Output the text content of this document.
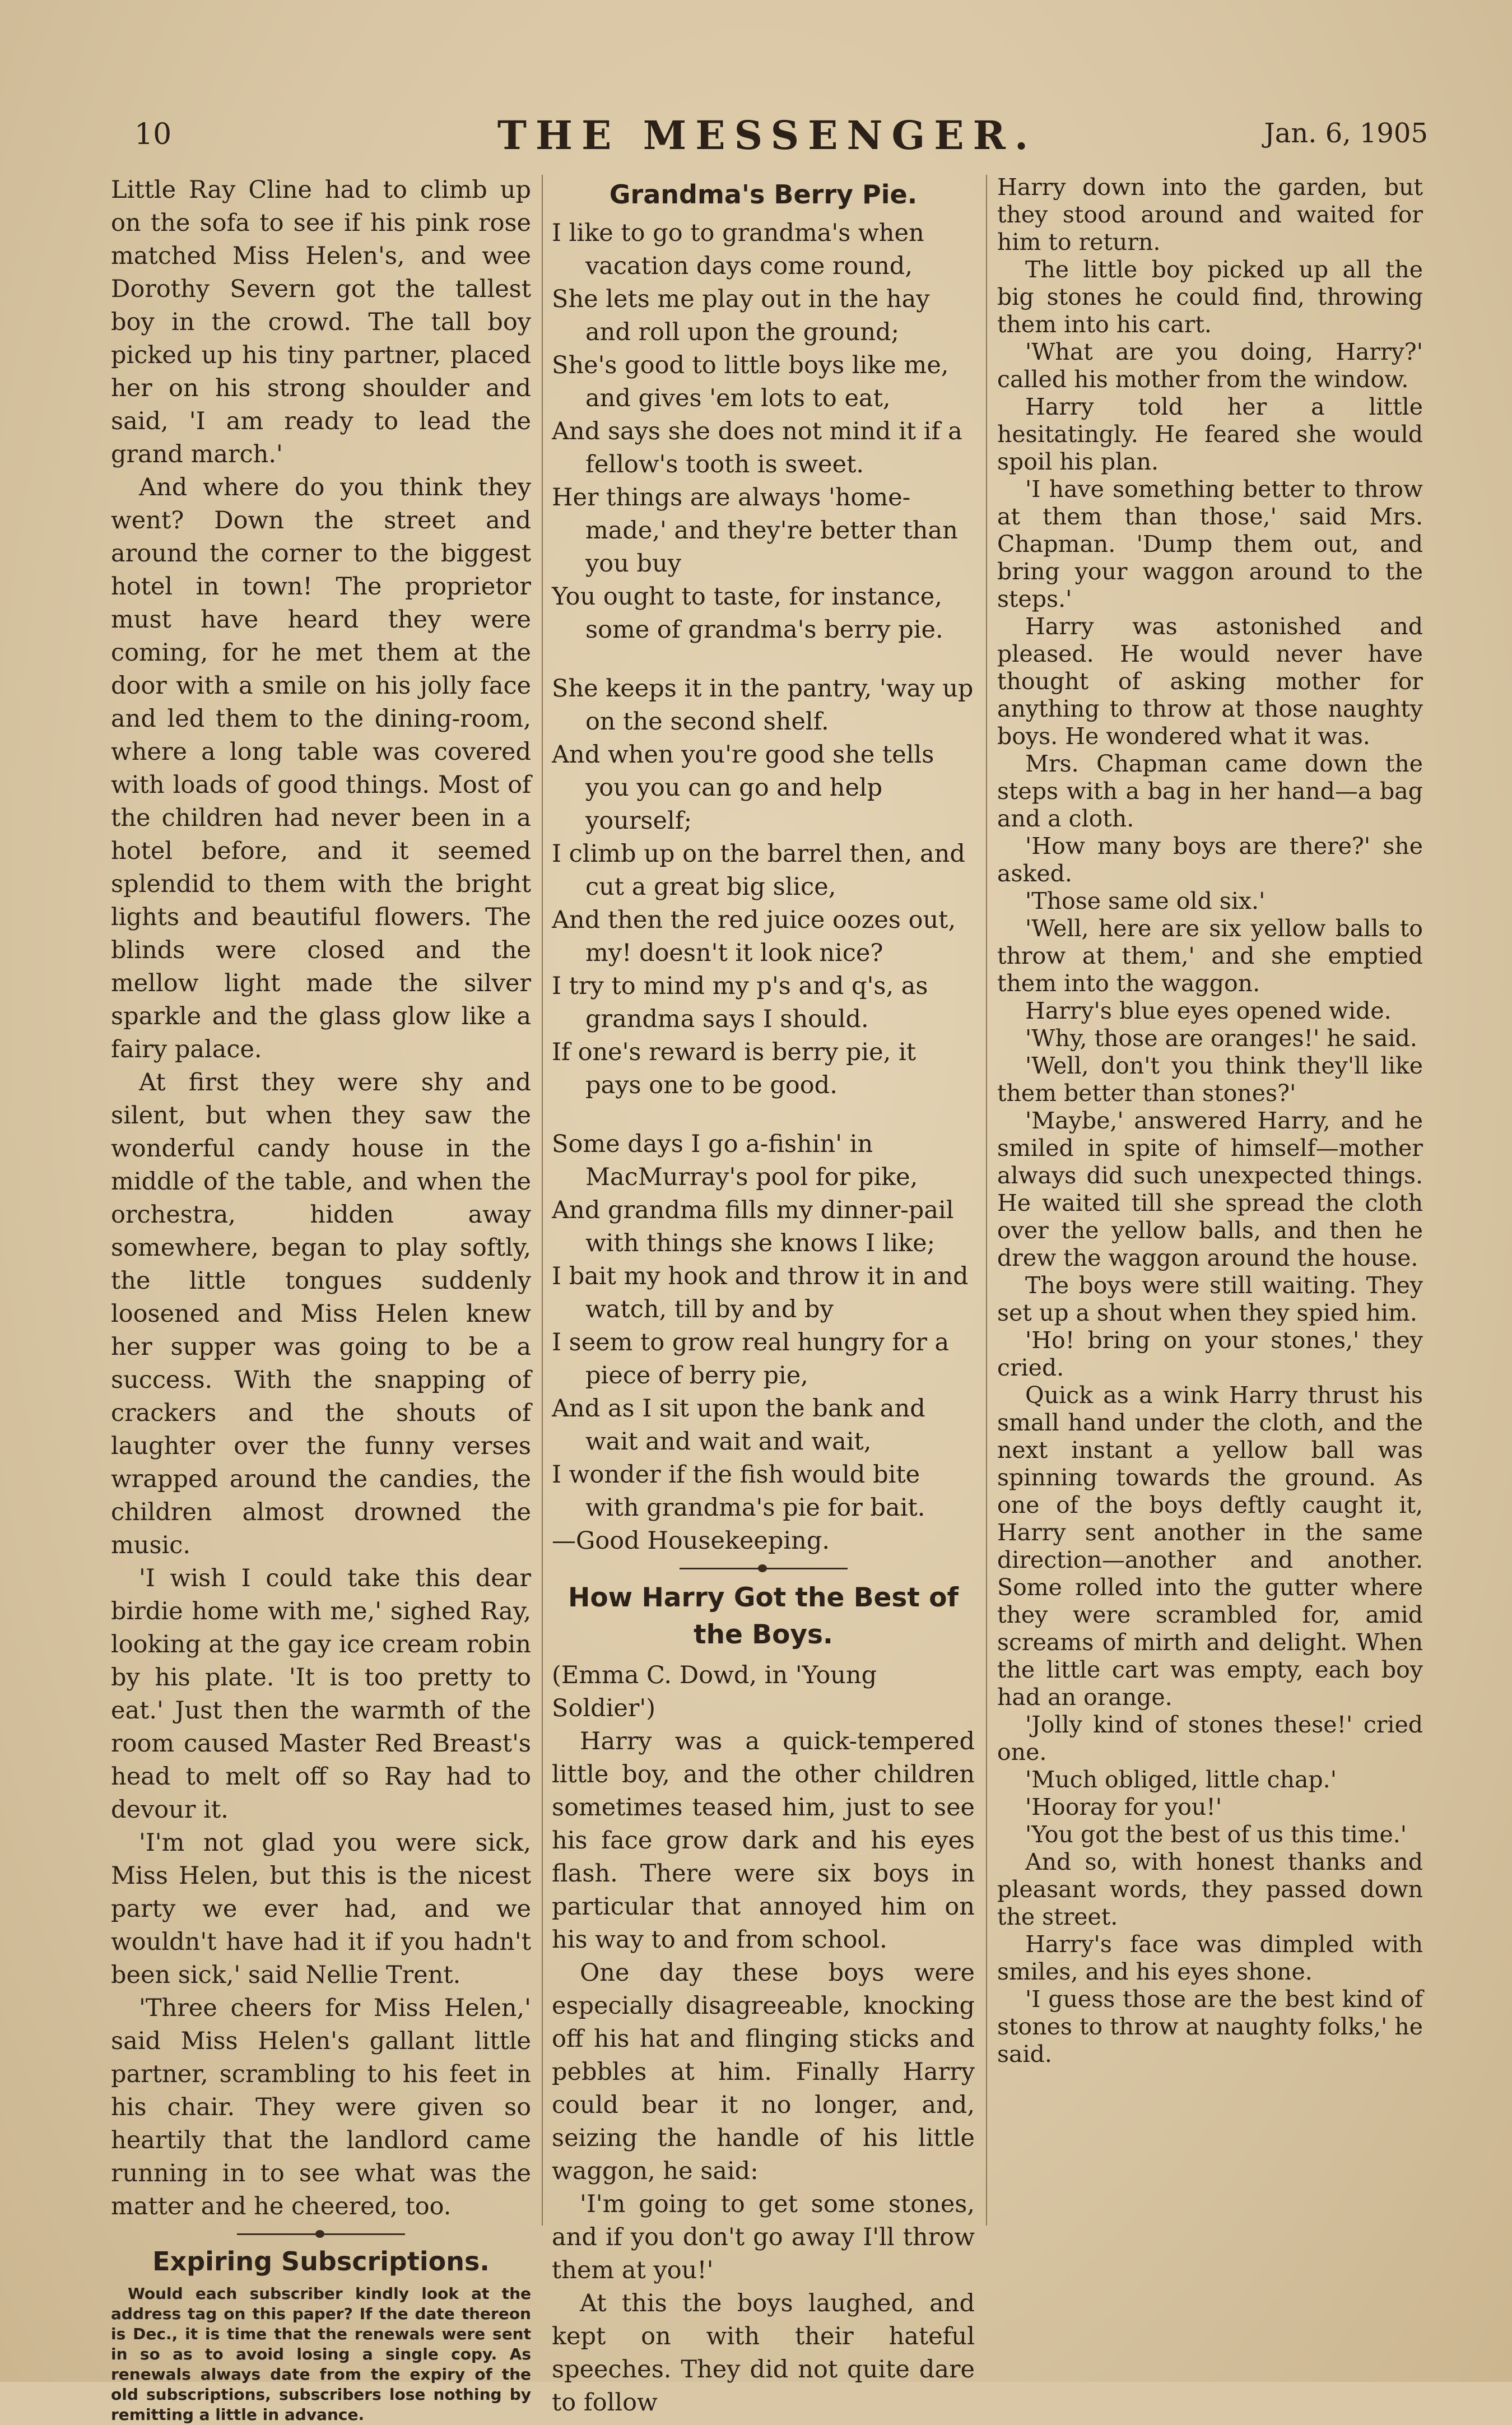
10	THE MESSENGER.	Jan. 6, 1905

Little Ray Cline had to climb up on the sofa to see if his pink rose matched Miss Helen's, and wee Dorothy Severn got the tallest boy in the crowd. The tall boy picked up his tiny partner, placed her on his strong shoulder and said, 'I am ready to lead the grand march.'

And where do you think they went? Down the street and around the corner to the biggest hotel in town! The proprietor must have heard they were coming, for he met them at the door with a smile on his jolly face and led them to the dining-room, where a long table was covered with loads of good things. Most of the children had never been in a hotel before, and it seemed splendid to them with the bright lights and beautiful flowers. The blinds were closed and the mellow light made the silver sparkle and the glass glow like a fairy palace.

At first they were shy and silent, but when they saw the wonderful candy house in the middle of the table, and when the orchestra, hidden away somewhere, began to play softly, the little tongues suddenly loosened and Miss Helen knew her supper was going to be a success. With the snapping of crackers and the shouts of laughter over the funny verses wrapped around the candies, the children almost drowned the music.

'I wish I could take this dear birdie home with me,' sighed Ray, looking at the gay ice cream robin by his plate. 'It is too pretty to eat.' Just then the warmth of the room caused Master Red Breast's head to melt off so Ray had to devour it.

'I'm not glad you were sick, Miss Helen, but this is the nicest party we ever had, and we wouldn't have had it if you hadn't been sick,' said Nellie Trent.

'Three cheers for Miss Helen,' said Miss Helen's gallant little partner, scrambling to his feet in his chair. They were given so heartily that the landlord came running in to see what was the matter and he cheered, too.

Expiring Subscriptions.
Would each subscriber kindly look at the address tag on this paper? If the date thereon is Dec., it is time that the renewals were sent in so as to avoid losing a single copy. As renewals always date from the expiry of the old subscriptions, subscribers lose nothing by remitting a little in advance.
Grandma's Berry Pie.
I like to go to grandma's when vacation days come round,
She lets me play out in the hay and roll upon the ground;
She's good to little boys like me, and gives 'em lots to eat,
And says she does not mind it if a fellow's tooth is sweet.
Her things are always 'home-made,' and they're better than you buy
You ought to taste, for instance, some of grandma's berry pie.
She keeps it in the pantry, 'way up on the second shelf.
And when you're good she tells you you can go and help yourself;
I climb up on the barrel then, and cut a great big slice,
And then the red juice oozes out, my! doesn't it look nice?
I try to mind my p's and q's, as grandma says I should.
If one's reward is berry pie, it pays one to be good.
Some days I go a-fishin' in MacMurray's pool for pike,
And grandma fills my dinner-pail with things she knows I like;
I bait my hook and throw it in and watch, till by and by
I seem to grow real hungry for a piece of berry pie,
And as I sit upon the bank and wait and wait and wait,
I wonder if the fish would bite with grandma's pie for bait.
—Good Housekeeping.
How Harry Got the Best of the Boys.
(Emma C. Dowd, in 'Young Soldier')

Harry was a quick-tempered little boy, and the other children sometimes teased him, just to see his face grow dark and his eyes flash. There were six boys in particular that annoyed him on his way to and from school.

One day these boys were especially disagreeable, knocking off his hat and flinging sticks and pebbles at him. Finally Harry could bear it no longer, and, seizing the handle of his little waggon, he said:

'I'm going to get some stones, and if you don't go away I'll throw them at you!'

At this the boys laughed, and kept on with their hateful speeches. They did not quite dare to follow

Harry down into the garden, but they stood around and waited for him to return.

The little boy picked up all the big stones he could find, throwing them into his cart.

'What are you doing, Harry?' called his mother from the window.

Harry told her a little hesitatingly. He feared she would spoil his plan.

'I have something better to throw at them than those,' said Mrs. Chapman. 'Dump them out, and bring your waggon around to the steps.'

Harry was astonished and pleased. He would never have thought of asking mother for anything to throw at those naughty boys. He wondered what it was.

Mrs. Chapman came down the steps with a bag in her hand—a bag and a cloth.

'How many boys are there?' she asked.

'Those same old six.'

'Well, here are six yellow balls to throw at them,' and she emptied them into the waggon.

Harry's blue eyes opened wide.

'Why, those are oranges!' he said.

'Well, don't you think they'll like them better than stones?'

'Maybe,' answered Harry, and he smiled in spite of himself—mother always did such unexpected things. He waited till she spread the cloth over the yellow balls, and then he drew the waggon around the house.

The boys were still waiting. They set up a shout when they spied him.

'Ho! bring on your stones,' they cried.

Quick as a wink Harry thrust his small hand under the cloth, and the next instant a yellow ball was spinning towards the ground. As one of the boys deftly caught it, Harry sent another in the same direction—another and another. Some rolled into the gutter where they were scrambled for, amid screams of mirth and delight. When the little cart was empty, each boy had an orange.

'Jolly kind of stones these!' cried one.

'Much obliged, little chap.'

'Hooray for you!'

'You got the best of us this time.'

And so, with honest thanks and pleasant words, they passed down the street.

Harry's face was dimpled with smiles, and his eyes shone.

'I guess those are the best kind of stones to throw at naughty folks,' he said.
